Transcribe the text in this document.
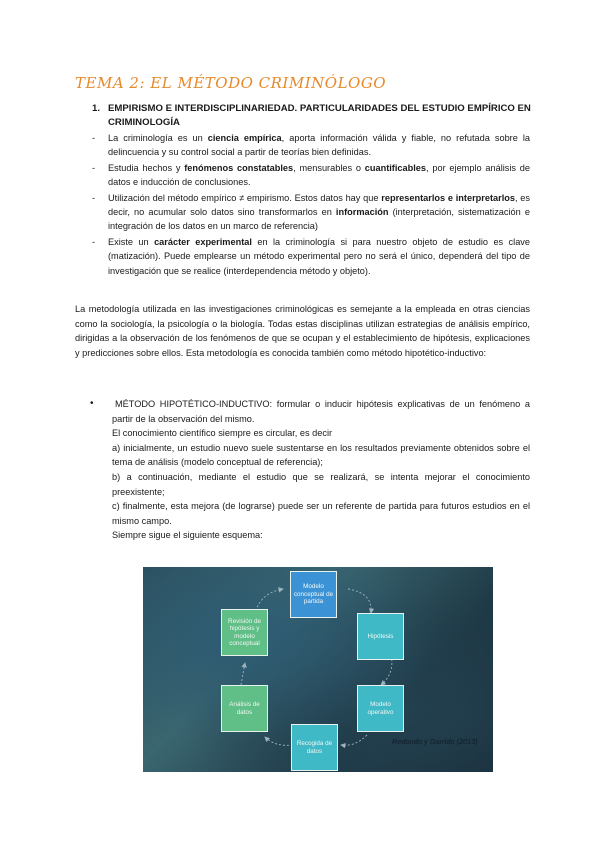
TEMA 2: EL MÉTODO CRIMINÓLOGO
1. EMPIRISMO E INTERDISCIPLINARIEDAD. PARTICULARIDADES DEL ESTUDIO EMPÍRICO EN CRIMINOLOGÍA
- La criminología es un ciencia empírica, aporta información válida y fiable, no refutada sobre la delincuencia y su control social a partir de teorías bien definidas.
- Estudia hechos y fenómenos constatables, mensurables o cuantificables, por ejemplo análisis de datos e inducción de conclusiones.
- Utilización del método empírico ≠ empirismo. Estos datos hay que representarlos e interpretarlos, es decir, no acumular solo datos sino transformarlos en información (interpretación, sistematización e integración de los datos en un marco de referencia)
- Existe un carácter experimental en la criminología si para nuestro objeto de estudio es clave (matización). Puede emplearse un método experimental pero no será el único, dependerá del tipo de investigación que se realice (interdependencia método y objeto).

La metodología utilizada en las investigaciones criminológicas es semejante a la empleada en otras ciencias como la sociología, la psicología o la biología. Todas estas disciplinas utilizan estrategias de análisis empírico, dirigidas a la observación de los fenómenos de que se ocupan y el establecimiento de hipótesis, explicaciones y predicciones sobre ellos. Esta metodología es conocida también como método hipotético-inductivo:

•	MÉTODO HIPOTÉTICO-INDUCTIVO: formular o inducir hipótesis explicativas de un fenómeno a partir de la observación del mismo.

El conocimiento científico siempre es circular, es decir

a) inicialmente, un estudio nuevo suele sustentarse en los resultados previamente obtenidos sobre el tema de análisis (modelo conceptual de referencia);

b) a continuación, mediante el estudio que se realizará, se intenta mejorar el conocimiento preexistente;

c) finalmente, esta mejora (de lograrse) puede ser un referente de partida para futuros estudios en el mismo campo.

Siempre sigue el siguiente esquema:

Modelo conceptual de partida
Hipótesis
Modelo operativo
Recogida de datos
Análisis de datos
Revisión de hipótesis y modelo conceptual
Redondo y Garrido (2013)
